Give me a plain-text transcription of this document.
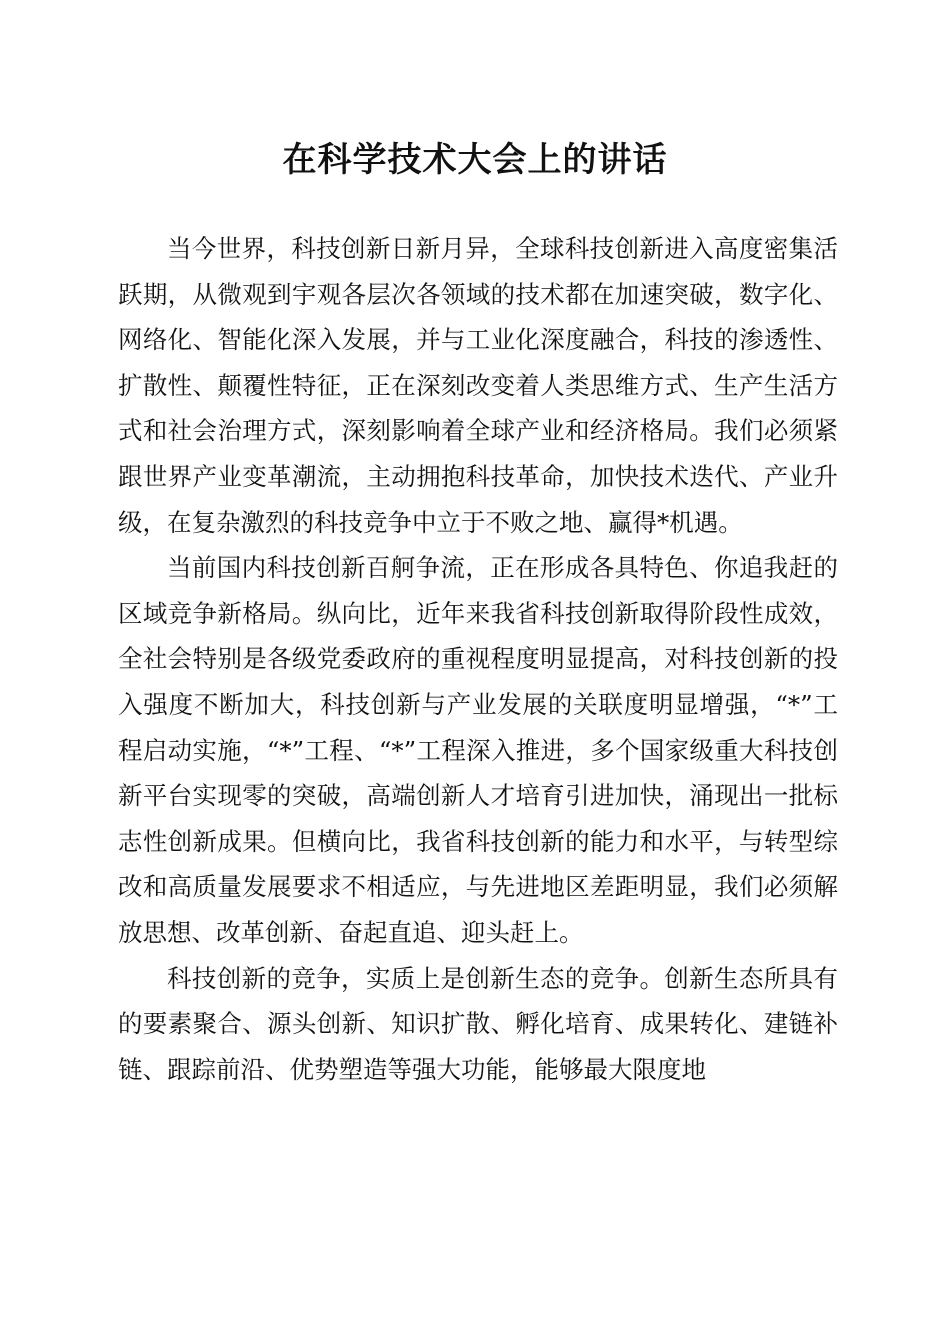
在科学技术大会上的讲话

当今世界，科技创新日新月异，全球科技创新进入高度密集活跃期，从微观到宇观各层次各领域的技术都在加速突破，数字化、网络化、智能化深入发展，并与工业化深度融合，科技的渗透性、扩散性、颠覆性特征，正在深刻改变着人类思维方式、生产生活方式和社会治理方式，深刻影响着全球产业和经济格局。我们必须紧跟世界产业变革潮流，主动拥抱科技革命，加快技术迭代、产业升级，在复杂激烈的科技竞争中立于不败之地、赢得*机遇。

当前国内科技创新百舸争流，正在形成各具特色、你追我赶的区域竞争新格局。纵向比，近年来我省科技创新取得阶段性成效，全社会特别是各级党委政府的重视程度明显提高，对科技创新的投入强度不断加大，科技创新与产业发展的关联度明显增强，“*”工程启动实施，“*”工程、“*”工程深入推进，多个国家级重大科技创新平台实现零的突破，高端创新人才培育引进加快，涌现出一批标志性创新成果。但横向比，我省科技创新的能力和水平，与转型综改和高质量发展要求不相适应，与先进地区差距明显，我们必须解放思想、改革创新、奋起直追、迎头赶上。

科技创新的竞争，实质上是创新生态的竞争。创新生态所具有的要素聚合、源头创新、知识扩散、孵化培育、成果转化、建链补链、跟踪前沿、优势塑造等强大功能，能够最大限度地
